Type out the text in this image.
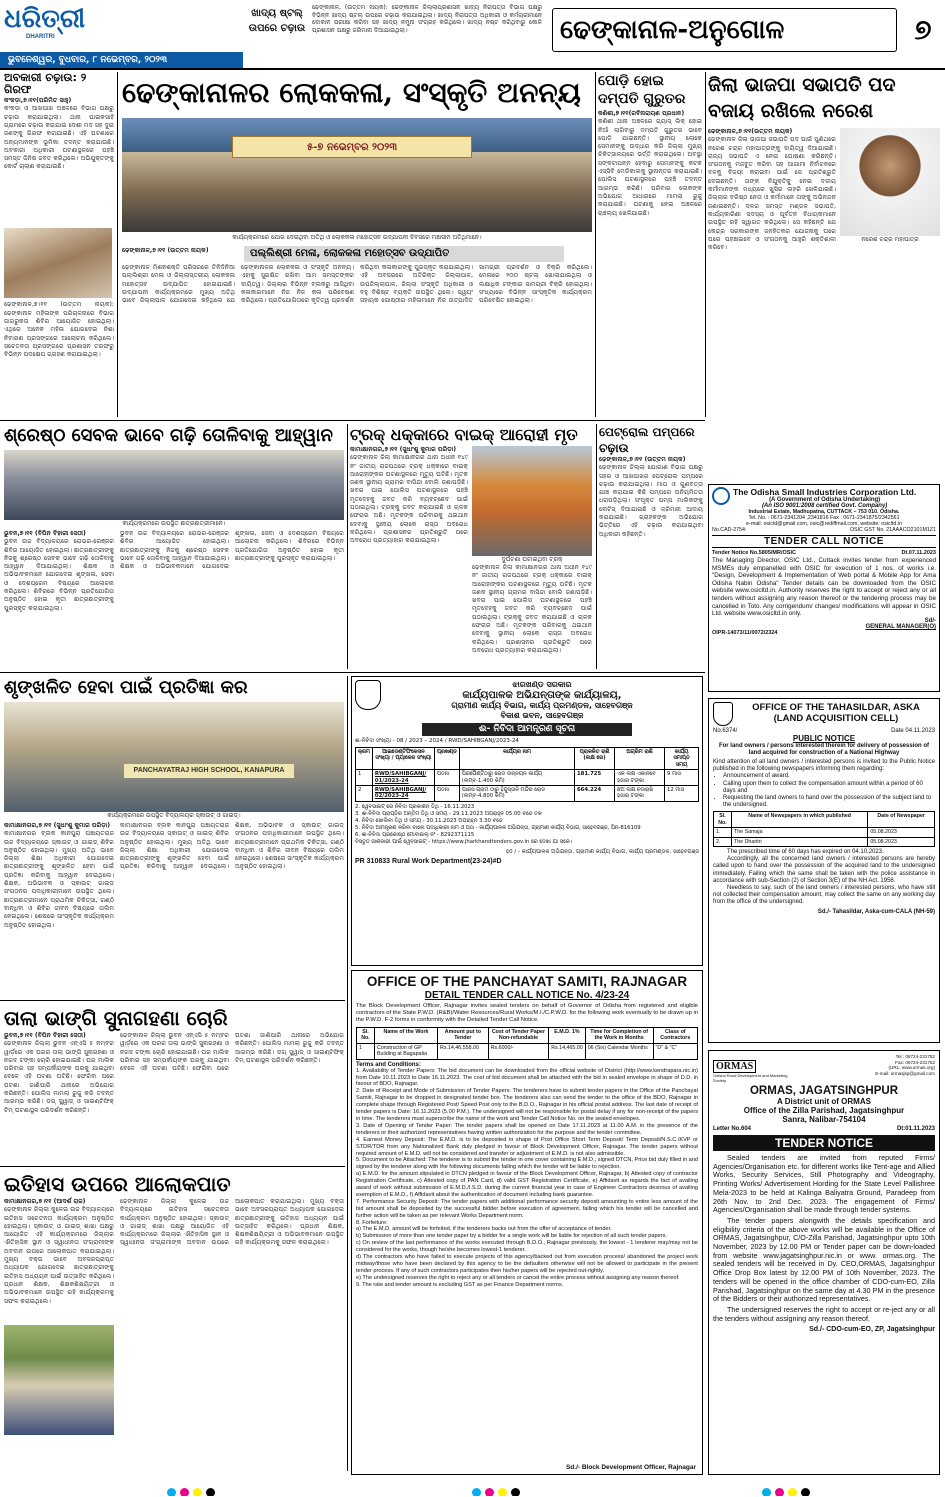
ଧରିତ୍ରୀ
DHARITRI
ଭୁବନେଶ୍ୱର, ବୁଧବାର, ୮ ନଭେମ୍ବର, ୨୦୨୩
ଖାଦ୍ୟ ଷ୍ଟଲ୍ ଉପରେ ଚଢ଼ାଉ
ଢେଙ୍କାନାଳ, (ଉତ୍ତମ ନାୟକ): ଢେଙ୍କାନାଳ ଜିଲ୍ଲାପ୍ରଶାସନ ଖାଦ୍ୟ ନିରାପତ୍ତା ବିଭାଗ ପକ୍ଷରୁ ବିଭିନ୍ନ ଖାଦ୍ୟ ଷ୍ଟଲ୍ ଉପରେ ଚଢ଼ାଉ କରାଯାଇଥିଲା। ଖାଦ୍ୟ ନିରାପତ୍ତା ଅଧିକାରୀ ଓ କର୍ମଚାରୀମାନେ ଦୋକାନ ପରୀକ୍ଷା କରିବା ସହ ଖାଦ୍ୟ ନମୁନା ସଂଗ୍ରହ କରିଥିଲେ। ଖାଦ୍ୟ ନଷ୍ଟ କରିଥିବାରୁ କୋଳି ପ୍ରଶାସନ ପକ୍ଷରୁ ଜରିମାନା ଦିଆଯାଇଥିଲା।	ଢେଙ୍କାନାଳ-ଅନୁଗୋଳ	୭
ଅବକାରୀ ଚଢ଼ାଉ: ୨ ଗିରଫ
କଂକଡ଼ା,୭।୧୧(ପରିମିତ ସାହୁ)
କଂକଡ଼ା ଓ ଆଖପାଖ ଅଞ୍ଚଳରେ ବିଭାଗ ପକ୍ଷରୁ ଚଢ଼ାଉ କରାଯାଇଥିଲା। ଥାନା ପାଇକସାହି ଗ୍ରାମରେ ଚଢ଼ାଉ କରାଯାଇ ଦେଶୀ ମଦ ସହ ଦୁଇ ଜଣଙ୍କୁ ଗିରଫ କରାଯାଇଛି। ଏହି ଘଟଣାରେ ଅନ୍ୟମାନଙ୍କ ଭୂମିକା ତଦନ୍ତ କରାଯାଉଛି। ଅବକାରୀ ଅଧିକାରୀ ଘଟଣାସ୍ଥଳରେ ପହଞ୍ଚି ସମସ୍ତ ଜିନିଷ ଜବତ କରିଥିଲେ। ଅଭିଯୁକ୍ତଙ୍କୁ କୋର୍ଟ ଚାଲାଣ କରାଯାଇଛି।
ଢେଙ୍କାନାଳ,୭।୧୧ (ଉତ୍ତମ ନାୟକ): ଢେଙ୍କାନାଳ ମହିଳାଙ୍କ ପରିଚାଳନାରେ ବିଭାଗ ଜାଗରୁକତା ଶିବିର ଆୟୋଜିତ ହୋଇଥିଲା। ଏଥିରେ ଅନେକ ମହିଳା ଯୋଗଦେଇ ନିଶା ନିବାରଣ ପ୍ରସଙ୍ଗରେ ଆଲୋଚନା କରିଥିଲେ। ସଚେତନତା ପ୍ରସଙ୍ଗରେ ପ୍ରଶାସନ ତରଫରୁ ବିଭିନ୍ନ ପଦକ୍ଷେପ ଗ୍ରହଣ କରାଯାଇଥିଲା।
ଢେଙ୍କାନାଳର ଲୋକକଳା, ସଂସ୍କୃତି ଅନନ୍ୟ
୫-୭ ନଭେମ୍ବର ୨୦୨୩
କାର୍ଯ୍ୟକ୍ରମରେ ଯୋଗ ଦେଇଥିବା ଅତିଥି ଓ ଲୋକକଳା ମହୋତ୍ସବ ଉଦ୍‌ଯାପନୀ ଦିବସରେ ମଞ୍ଚାସୀନ ଅତିଥିମାନେ।
ଢେଙ୍କାନାଳ,୭।୧୧ (ଉତ୍ତମ ନାୟକ)	ପଲ୍ଲିଶ୍ରୀ ମେଳା, ଲୋକକଳା ମହୋତ୍ସବ ଉଦ୍‌ଯାପିତ
ଢେଙ୍କାନାଳ ମିଶନଶକ୍ତି ପରିସରରେ ତିନିଦିନିଆ ପଲ୍ଲିଶ୍ରୀ ମେଳା ଓ ଜିଲ୍ଲାସ୍ତରୀୟ ଲୋକକଳା ମହୋତ୍ସବ ଉଦ୍‌ଯାପିତ ହୋଇଯାଇଛି। ଉଦ୍‌ଯାପନୀ କାର୍ଯ୍ୟକ୍ରମରେ ମୁଖ୍ୟ ଅତିଥି ଭାବେ ଜିଲ୍ଲାପାଳ ଯୋଗଦେଇ କହିଥିଲେ ଯେ ଢେଙ୍କାନାଳର ଲୋକକଳା ଓ ସଂସ୍କୃତି ଅନନ୍ୟ। ଏହାକୁ ସୁରକ୍ଷିତ ରଖିବା ଆମ ସମସ୍ତଙ୍କର ଦାୟିତ୍ୱ। ଜିଲ୍ଲାର ବିଭିନ୍ନ ବ୍ଲକରୁ ଆସିଥିବା କଳାକାରମାନେ ନିଜ ନିଜ କଳା ପରିବେଷଣ କରିଥିଲେ। ପ୍ରତିଯୋଗିତାରେ କୃତିତ୍ୱ ପ୍ରଦର୍ଶନ କରିଥିବା କଳାକାରଙ୍କୁ ପୁରସ୍କୃତ କରାଯାଇଥିଲା। ଏହି ଅବସରରେ ଅତିରିକ୍ତ ଜିଲ୍ଲାପାଳ, ଉପଜିଲ୍ଲାପାଳ, ଜିଲ୍ଲା ସଂସ୍କୃତି ଅଧିକାରୀ ଓ ବହୁ ବିଶିଷ୍ଟ ବ୍ୟକ୍ତି ଉପସ୍ଥିତ ଥିଲେ। ସ୍ୱୟଂ ସହାୟକ ଗୋଷ୍ଠୀର ମହିଳାମାନେ ନିଜ ଉତ୍ପାଦିତ ସାମଗ୍ରୀ ପ୍ରଦର୍ଶନ ଓ ବିକ୍ରି କରିଥିଲେ। ମେଳାରେ ୨୦୦ ଷ୍ଟଲ୍ ଖୋଲାଯାଇଥିଲା ଓ ଲକ୍ଷାଧିକ ଟଙ୍କାର ସାମଗ୍ରୀ ବିକ୍ରି ହୋଇଥିଲା। ସଂଧ୍ୟାରେ ବିଭିନ୍ନ ସାଂସ୍କୃତିକ କାର୍ଯ୍ୟକ୍ରମ ପରିବେଷିତ ହୋଇଥିଲା।
ପୋଡ଼ି ହୋଇ ଦମ୍ପତି ଗୁରୁତର
କଣିଶୀ,୭।୧୧(ରବିନାରାୟଣ ପ୍ରଧାନ)
କଣିଶୀ ଥାନା ଅଞ୍ଚଳରେ ଗ୍ୟାସ୍ ଲିକ୍ ହୋଇ ନିଆଁ ଲାଗିବାରୁ ଦମ୍ପତି ଗୁରୁତର ଭାବେ ପୋଡ଼ି ଯାଇଛନ୍ତି। ସ୍ଥାନୀୟ ଲୋକେ ସେମାନଙ୍କୁ ଉଦ୍ଧାର କରି ଜିଲ୍ଲା ମୁଖ୍ୟ ଚିକିତ୍ସାଳୟରେ ଭର୍ତ୍ତି କରାଇଥିଲେ। ଅବସ୍ଥା ସଙ୍କଟାପନ୍ନ ହେବାରୁ ସେମାନଙ୍କୁ କଟକ ଏସ୍‌ସିବି ମେଡିକାଲକୁ ସ୍ଥାନାନ୍ତର କରାଯାଇଛି। ପୋଲିସ ଘଟଣାସ୍ଥଳରେ ପହଞ୍ଚି ତଦନ୍ତ ଆରମ୍ଭ କରିଛି। ପରିବାର ଲୋକଙ୍କ ଅଭିଯୋଗ ଆଧାରରେ ମାମଲା ରୁଜୁ କରାଯାଇଛି। ଘଟଣାକୁ ନେଇ ଅଞ୍ଚଳରେ ଚାଞ୍ଚଲ୍ୟ ଖେଳିଯାଇଛି।
ଜିଲା ଭାଜପା ସଭାପତି ପଦ ବଜାୟ ରଖିଲେ ନରେଶ
ଢେଙ୍କାନାଳ,୭।୧୧(ଉତ୍ତମ ନାୟକ)
ଢେଙ୍କାନାଳ ଜିଲା ଭାଜପା ସଭାପତି ପଦ ପାଇଁ ପୁଣିଥରେ ନରେଶ ଚନ୍ଦ୍ର ମହାପାତ୍ରଙ୍କୁ ଦାୟିତ୍ୱ ଦିଆଯାଇଛି। ରାଜ୍ୟ ସଭାପତି ଏ ନେଇ ଘୋଷଣା କରିଛନ୍ତି। ସଂଗଠନକୁ ମଜବୁତ କରିବା ସହ ଆଗାମୀ ନିର୍ବାଚନରେ ଦଳକୁ ବିଜୟୀ କରାଇବା ପାଇଁ ସେ ପ୍ରତିଶ୍ରୁତି ଦେଇଛନ୍ତି। ତାଙ୍କ ନିଯୁକ୍ତିକୁ ନେଇ ଦଳୀୟ କର୍ମୀମାନଙ୍କ ମଧ୍ୟରେ ଖୁସିର ଲହରି ଖେଳିଯାଇଛି। ଜିଲ୍ଲାର ବରିଷ୍ଠ ନେତା ଓ କର୍ମୀମାନେ ତାଙ୍କୁ ଅଭିନନ୍ଦନ ଜଣାଇଛନ୍ତି। ଦଳର ସମସ୍ତ ମଣ୍ଡଳ ସଭାପତି, କାର୍ଯ୍ୟକାରିଣୀ ସଦସ୍ୟ ଓ ପୂର୍ବତନ ବିଧାୟକମାନେ ଉପସ୍ଥିତ ରହି ସ୍ୱାଗତ କରିଥିଲେ। ସେ କହିଛନ୍ତି ଯେ କେନ୍ଦ୍ର ସରକାରଙ୍କ ଜନହିତକର ଯୋଜନାକୁ ଘରେ ଘରେ ପହଞ୍ଚାଇବେ ଓ ସଂଗଠନକୁ ଆହୁରି ଶକ୍ତିଶାଳୀ କରିବେ।
ନରେଶ ଚନ୍ଦ୍ର ମହାପାତ୍ର
ଶ୍ରେଷ୍ଠ ସେବକ ଭାବେ ଗଢ଼ି ତୋଳିବାକୁ ଆହ୍ୱାନ
କାର୍ଯ୍ୟକ୍ରମରେ ଉପସ୍ଥିତ ଛାତ୍ରଛାତ୍ରୀମାନେ।
ଭୁବନ,୭।୧୧ (ବିପିନ ବିହାରୀ ସେଠୀ)
ଭୁବନ ଉଚ୍ଚ ବିଦ୍ୟାଳୟରେ ରୋଭର-ରେଞ୍ଜର ଶିବିର ଆୟୋଜିତ ହୋଇଥିଲା। ଛାତ୍ରଛାତ୍ରୀଙ୍କୁ ନିଜକୁ ଶ୍ରେଷ୍ଠ ସେବକ ଭାବେ ଗଢ଼ି ତୋଳିବାକୁ ଆହ୍ୱାନ ଦିଆଯାଇଥିଲା। ଶିକ୍ଷକ ଓ ଅଭିଭାବକମାନେ ଯୋଗଦେଇ ଶୃଙ୍ଖଳା, ସେବା ଓ ଦେଶପ୍ରେମ ବିଷୟରେ ଆଲୋଚନା କରିଥିଲେ। ଶିବିରରେ ବିଭିନ୍ନ ପ୍ରତିଯୋଗିତା ଅନୁଷ୍ଠିତ ହୋଇ କୃତୀ ଛାତ୍ରଛାତ୍ରୀଙ୍କୁ ପୁରସ୍କୃତ କରାଯାଇଥିଲା।
ଭୁବନ ଉଚ୍ଚ ବିଦ୍ୟାଳୟରେ ରୋଭର-ରେଞ୍ଜର ଶିବିର ଆୟୋଜିତ ହୋଇଥିଲା। ଛାତ୍ରଛାତ୍ରୀଙ୍କୁ ନିଜକୁ ଶ୍ରେଷ୍ଠ ସେବକ ଭାବେ ଗଢ଼ି ତୋଳିବାକୁ ଆହ୍ୱାନ ଦିଆଯାଇଥିଲା। ଶିକ୍ଷକ ଓ ଅଭିଭାବକମାନେ ଯୋଗଦେଇ ଶୃଙ୍ଖଳା, ସେବା ଓ ଦେଶପ୍ରେମ ବିଷୟରେ ଆଲୋଚନା କରିଥିଲେ। ଶିବିରରେ ବିଭିନ୍ନ ପ୍ରତିଯୋଗିତା ଅନୁଷ୍ଠିତ ହୋଇ କୃତୀ ଛାତ୍ରଛାତ୍ରୀଙ୍କୁ ପୁରସ୍କୃତ କରାଯାଇଥିଲା।
ଟ୍ରକ୍ ଧକ୍କାରେ ବାଇକ୍ ଆରୋହୀ ମୃତ
କାମାକ୍ଷାନଗର,୭।୧୧ (ସୁଧାଂଶୁ କୁମାର ପରିଡ଼ା)
ଢେଙ୍କାନାଳ ଜିଲା କାମାକ୍ଷାନଗର ଥାନା ଅଧୀନ ୧୪୯ ନଂ ଜାତୀୟ ରାଜପଥରେ ଟ୍ରକ୍ ଧକ୍କାରେ ବାଇକ୍ ଆରୋହୀଙ୍କର ଘଟଣାସ୍ଥଳରେ ମୃତ୍ୟୁ ଘଟିଛି। ମୃତକ ଜଣକ ସ୍ଥାନୀୟ ଗ୍ରାମର ବାସିନ୍ଦା ବୋଲି ଜଣାପଡ଼ିଛି। ଖବର ପାଇ ପୋଲିସ ଘଟଣାସ୍ଥଳରେ ପହଞ୍ଚି ମୃତଦେହକୁ ଜବତ କରି ବ୍ୟବଚ୍ଛେଦ ପାଇଁ ପଠାଇଥିଲା। ଟ୍ରକ୍‌କୁ ଜବତ କରାଯାଇଛି ଓ ଚାଳକ ଫେରାର ଅଛି। ମୃତକଙ୍କ ପରିବାରକୁ ଥଇଥାନ ଦେବାକୁ ସ୍ଥାନୀୟ ଲୋକେ ରାସ୍ତା ଅବରୋଧ କରିଥିଲେ। ପ୍ରଶାସନର ପ୍ରତିଶ୍ରୁତି ପରେ ଅବରୋଧ ପ୍ରତ୍ୟାହାର କରାଯାଇଥିଲା।
ଦୁର୍ଘଟଣା ଘଟାଇଥିବା ଟ୍ରକ୍
ଢେଙ୍କାନାଳ ଜିଲା କାମାକ୍ଷାନଗର ଥାନା ଅଧୀନ ୧୪୯ ନଂ ଜାତୀୟ ରାଜପଥରେ ଟ୍ରକ୍ ଧକ୍କାରେ ବାଇକ୍ ଆରୋହୀଙ୍କର ଘଟଣାସ୍ଥଳରେ ମୃତ୍ୟୁ ଘଟିଛି। ମୃତକ ଜଣକ ସ୍ଥାନୀୟ ଗ୍ରାମର ବାସିନ୍ଦା ବୋଲି ଜଣାପଡ଼ିଛି। ଖବର ପାଇ ପୋଲିସ ଘଟଣାସ୍ଥଳରେ ପହଞ୍ଚି ମୃତଦେହକୁ ଜବତ କରି ବ୍ୟବଚ୍ଛେଦ ପାଇଁ ପଠାଇଥିଲା। ଟ୍ରକ୍‌କୁ ଜବତ କରାଯାଇଛି ଓ ଚାଳକ ଫେରାର ଅଛି। ମୃତକଙ୍କ ପରିବାରକୁ ଥଇଥାନ ଦେବାକୁ ସ୍ଥାନୀୟ ଲୋକେ ରାସ୍ତା ଅବରୋଧ କରିଥିଲେ। ପ୍ରଶାସନର ପ୍ରତିଶ୍ରୁତି ପରେ ଅବରୋଧ ପ୍ରତ୍ୟାହାର କରାଯାଇଥିଲା।
ପେଟ୍ରୋଲ ପମ୍ପରେ ଚଢ଼ାଉ
ଢେଙ୍କାନାଳ,୭।୧୧ (ଉତ୍ତମ ନାୟକ)
ଢେଙ୍କାନାଳ ଜିଲ୍ଲା ଯୋଗାଣ ବିଭାଗ ପକ୍ଷରୁ ସହର ଓ ଆଖପାଖର ପେଟ୍ରୋଲ ପମ୍ପରେ ଚଢ଼ାଉ କରାଯାଇଥିଲା। ମାପ ଓ ଗୁଣବତ୍ତା ଯାଞ୍ଚ କରାଯାଇ କିଛି ପମ୍ପରେ ଅନିୟମିତତା ଧରାପଡ଼ିଥିଲା। ସଂପୃକ୍ତ ପମ୍ପ ମାଲିକଙ୍କୁ ନୋଟିସ୍ ଦିଆଯାଇଛି ଓ ଜରିମାନା ଆଦାୟ କରାଯାଇଛି। ଗ୍ରାହକଙ୍କ ଅଭିଯୋଗ ଭିତ୍ତିରେ ଏହି ଚଢ଼ାଉ କରାଯାଇଥିବା ଅଧିକାରୀ କହିଛନ୍ତି।
The Odisha Small Industries Corporation Ltd.
(A Government of Odisha Undertaking)
(An ISO 9001:2008 certified Govt. Company)
Industrial Estate, Madhupatna, CUTTACK – 753 010. Odisha.
Tel. No. : 0671-2341204 ,2341816 Fax : 0671-2341875/2342561
e-mail: osictd@gmail.com, osic@rediffmail.com, website: osicltd.in
No.CAD-2754:	OSIC GST No. 21AAACO2101M1Z1
TENDER CALL NOTICE
Tender Notice No.5805/MR/OSIC	Dt.07.11.2023
The Managing Director, OSIC Ltd., Cuttack invites tender from experienced MSMEs duly empanelled with OSIC for execution of 1 nos. of works i.e. "Design, Development & Implementation of Web portal & Mobile App for Ama Odisha Nabin Odisha" Tender details can be downloaded from the OSIC website www.osicltd.in. Authority reserves the right to accept or reject any or all tenders without assigning any reason thereof or the tendering process may be cancelled in Toto. Any corrigendum/ changes/ modifications will appear in OSIC Ltd. website www.osicltd.in only.
Sd/-
GENERAL MANAGER(O)
OIPR-14073/11/0072/2324
ଶୃଙ୍ଖଳିତ ହେବା ପାଇଁ ପ୍ରତିଜ୍ଞା କର
PANCHAYATRAJ HIGH SCHOOL, KANAPURA
କାର୍ଯ୍ୟକ୍ରମରେ ଉପସ୍ଥିତ ବିଦ୍ୟାଳୟର ସ୍କାଉଟ୍ ଓ ଗାଇଡ୍।
କାମାକ୍ଷାନଗର,୭।୧୧ (ସୁଧାଂଶୁ କୁମାର ପରିଡ଼ା)
କାମାକ୍ଷାନଗର ବ୍ଲକ କାନପୁରା ପଞ୍ଚାୟତରାଜ ଉଚ୍ଚ ବିଦ୍ୟାଳୟରେ ସ୍କାଉଟ୍ ଓ ଗାଇଡ୍ ଶିବିର ଅନୁଷ୍ଠିତ ହୋଇଥିଲା। ମୁଖ୍ୟ ଅତିଥି ଭାବେ ଜିଲ୍ଲା ଶିକ୍ଷା ଅଧିକାରୀ ଯୋଗଦେଇ ଛାତ୍ରଛାତ୍ରୀଙ୍କୁ ଶୃଙ୍ଖଳିତ ହେବା ପାଇଁ ପ୍ରତିଜ୍ଞା କରିବାକୁ ଆହ୍ୱାନ ଦେଇଥିଲେ। ଶିକ୍ଷକ, ଅଭିଭାବକ ଓ ସ୍କାଉଟ୍ ଗାଇଡ୍ ସଂଗଠନର ପଦାଧିକାରୀମାନେ ଉପସ୍ଥିତ ଥିଲେ। ଛାତ୍ରଛାତ୍ରୀମାନେ ପ୍ରାଥମିକ ଚିକିତ୍ସା, ଗଣ୍ଠି ବାନ୍ଧିବା ଓ ଶିବିର ଜୀବନ ବିଷୟରେ ତାଲିମ ନେଇଥିଲେ। ଶେଷରେ ସାଂସ୍କୃତିକ କାର୍ଯ୍ୟକ୍ରମ ଅନୁଷ୍ଠିତ ହୋଇଥିଲା।
କାମାକ୍ଷାନଗର ବ୍ଲକ କାନପୁରା ପଞ୍ଚାୟତରାଜ ଉଚ୍ଚ ବିଦ୍ୟାଳୟରେ ସ୍କାଉଟ୍ ଓ ଗାଇଡ୍ ଶିବିର ଅନୁଷ୍ଠିତ ହୋଇଥିଲା। ମୁଖ୍ୟ ଅତିଥି ଭାବେ ଜିଲ୍ଲା ଶିକ୍ଷା ଅଧିକାରୀ ଯୋଗଦେଇ ଛାତ୍ରଛାତ୍ରୀଙ୍କୁ ଶୃଙ୍ଖଳିତ ହେବା ପାଇଁ ପ୍ରତିଜ୍ଞା କରିବାକୁ ଆହ୍ୱାନ ଦେଇଥିଲେ। ଶିକ୍ଷକ, ଅଭିଭାବକ ଓ ସ୍କାଉଟ୍ ଗାଇଡ୍ ସଂଗଠନର ପଦାଧିକାରୀମାନେ ଉପସ୍ଥିତ ଥିଲେ। ଛାତ୍ରଛାତ୍ରୀମାନେ ପ୍ରାଥମିକ ଚିକିତ୍ସା, ଗଣ୍ଠି ବାନ୍ଧିବା ଓ ଶିବିର ଜୀବନ ବିଷୟରେ ତାଲିମ ନେଇଥିଲେ। ଶେଷରେ ସାଂସ୍କୃତିକ କାର୍ଯ୍ୟକ୍ରମ ଅନୁଷ୍ଠିତ ହୋଇଥିଲା।
ତାଲା ଭାଙ୍ଗି ସୁନାଗହଣା ଚୋରି
ଭୁବନ,୭।୧୧ (ବିପିନ ବିହାରୀ ସେଠୀ)
ଢେଙ୍କାନାଳ ଜିଲ୍ଲା ଭୁବନ ଏନ୍‌ଏସି ୫ ନମ୍ବର ୱାର୍ଡ଼ରେ ଏକ ଘରର ତାଲା ଭାଙ୍ଗି ସୁନାଗହଣା ଓ ନଗଦ ଟଙ୍କା ଚୋରି ହୋଇଯାଇଛି। ଘର ମାଲିକ ପରିବାର ସହ ସମ୍ପର୍କୀୟଙ୍କ ଘରକୁ ଯାଇଥିବା ବେଳେ ଏହି ଘଟଣା ଘଟିଛି। ଫେରିବା ପରେ ଘଟଣା ଜାଣିପାରି ଥାନାରେ ଅଭିଯୋଗ କରିଛନ୍ତି। ପୋଲିସ ମାମଲା ରୁଜୁ କରି ତଦନ୍ତ ଆରମ୍ଭ କରିଛି। ଡଗ୍ ସ୍କ୍ୱାଡ୍ ଓ ସାଇଣ୍ଟିଫିକ୍ ଟିମ୍ ଘଟଣାସ୍ଥଳ ପରିଦର୍ଶନ କରିଛନ୍ତି।
ଢେଙ୍କାନାଳ ଜିଲ୍ଲା ଭୁବନ ଏନ୍‌ଏସି ୫ ନମ୍ବର ୱାର୍ଡ଼ରେ ଏକ ଘରର ତାଲା ଭାଙ୍ଗି ସୁନାଗହଣା ଓ ନଗଦ ଟଙ୍କା ଚୋରି ହୋଇଯାଇଛି। ଘର ମାଲିକ ପରିବାର ସହ ସମ୍ପର୍କୀୟଙ୍କ ଘରକୁ ଯାଇଥିବା ବେଳେ ଏହି ଘଟଣା ଘଟିଛି। ଫେରିବା ପରେ ଘଟଣା ଜାଣିପାରି ଥାନାରେ ଅଭିଯୋଗ କରିଛନ୍ତି। ପୋଲିସ ମାମଲା ରୁଜୁ କରି ତଦନ୍ତ ଆରମ୍ଭ କରିଛି। ଡଗ୍ ସ୍କ୍ୱାଡ୍ ଓ ସାଇଣ୍ଟିଫିକ୍ ଟିମ୍ ଘଟଣାସ୍ଥଳ ପରିଦର୍ଶନ କରିଛନ୍ତି।
ଇତିହାସ ଉପରେ ଆଲୋକପାତ
କାମାକ୍ଷାନଗର,୭।୧୧ (ଆଦର୍ଶ ରାଜ)
ଢେଙ୍କାନାଳ ଜିଲ୍ଲା କୁଳେଇ ଉଚ୍ଚ ବିଦ୍ୟାଳୟରେ ଇତିହାସ ସଚେତନତା କାର୍ଯ୍ୟକ୍ରମ ଅନୁଷ୍ଠିତ ହୋଇଥିଲା। ସ୍କାଉଟ୍ ଓ ଗାଇଡ୍ ଶାଖା ପକ୍ଷରୁ ଆୟୋଜିତ ଏହି କାର୍ଯ୍ୟକ୍ରମରେ ଜିଲ୍ଲାର ଐତିହାସିକ ସ୍ଥାନ ଓ ସ୍ୱାଧୀନତା ସଂଗ୍ରାମୀଙ୍କ ଅବଦାନ ଉପରେ ଆଲୋକପାତ କରାଯାଇଥିଲା। ମୁଖ୍ୟ ବକ୍ତା ଭାବେ ଅବସରପ୍ରାପ୍ତ ଅଧ୍ୟାପକ ଯୋଗଦେଇ ଛାତ୍ରଛାତ୍ରୀଙ୍କୁ ଇତିହାସ ଅଧ୍ୟୟନ ପାଇଁ ଉତ୍ସାହିତ କରିଥିଲେ। ପ୍ରଧାନ ଶିକ୍ଷକ, ଶିକ୍ଷକଶିକ୍ଷୟିତ୍ରୀ ଓ ଅଭିଭାବକମାନେ ଉପସ୍ଥିତ ରହି କାର୍ଯ୍ୟକ୍ରମକୁ ସଫଳ କରାଇଥିଲେ।
ଢେଙ୍କାନାଳ ଜିଲ୍ଲା କୁଳେଇ ଉଚ୍ଚ ବିଦ୍ୟାଳୟରେ ଇତିହାସ ସଚେତନତା କାର୍ଯ୍ୟକ୍ରମ ଅନୁଷ୍ଠିତ ହୋଇଥିଲା। ସ୍କାଉଟ୍ ଓ ଗାଇଡ୍ ଶାଖା ପକ୍ଷରୁ ଆୟୋଜିତ ଏହି କାର୍ଯ୍ୟକ୍ରମରେ ଜିଲ୍ଲାର ଐତିହାସିକ ସ୍ଥାନ ଓ ସ୍ୱାଧୀନତା ସଂଗ୍ରାମୀଙ୍କ ଅବଦାନ ଉପରେ ଆଲୋକପାତ କରାଯାଇଥିଲା। ମୁଖ୍ୟ ବକ୍ତା ଭାବେ ଅବସରପ୍ରାପ୍ତ ଅଧ୍ୟାପକ ଯୋଗଦେଇ ଛାତ୍ରଛାତ୍ରୀଙ୍କୁ ଇତିହାସ ଅଧ୍ୟୟନ ପାଇଁ ଉତ୍ସାହିତ କରିଥିଲେ। ପ୍ରଧାନ ଶିକ୍ଷକ, ଶିକ୍ଷକଶିକ୍ଷୟିତ୍ରୀ ଓ ଅଭିଭାବକମାନେ ଉପସ୍ଥିତ ରହି କାର୍ଯ୍ୟକ୍ରମକୁ ସଫଳ କରାଇଥିଲେ।
ଝାରଖଣ୍ଡ ସରକାର
କାର୍ଯ୍ୟପାଳକ ଅଭିଯନ୍ତାଙ୍କ କାର୍ଯ୍ୟାଳୟ,
ଗ୍ରାମୀଣ କାର୍ଯ୍ୟ ବିଭାଗ, କାର୍ଯ୍ୟ ପ୍ରମଣ୍ଡଳ, ସାହେବଗଞ୍ଜ
ବିକାଶ ଭବନ, ସାହେବଗଞ୍ଜ
ଈ- ନିବିଦା ଆମନ୍ତ୍ରଣ ସୂଚନା
ଈ-ନିବିଦା ସଂଖ୍ୟା - 08 / 2023 – 2024 / RWD/SAHIBGANJ/2023-24
କ୍ରମ	ଆଇଡେଣ୍ଟିଫିକେସନ ସଂଖ୍ୟା / ପ୍ୟାକେଜ ସଂଖ୍ୟା	ପ୍ରଖଣ୍ଡ	କାର୍ଯ୍ୟର ନାମ	ପ୍ରାକଳିତ ରାଶି (ଲକ୍ଷ ରେ)	ଅଗ୍ରିମ ରାଶି	କାର୍ଯ୍ୟ ସମାପ୍ତ ସମୟ
1	RWD/SAHIBGANJ/ 01/2023-24	ପତନା	ପିରପୈଣ୍ଟିଠାରୁ ରୋଡ ଉନ୍ନୟନ କାର୍ଯ୍ୟ (ଲମ୍ବ-1.400 କିମି)	181.725	ଏକ ଲକ୍ଷ ଏକାନବେ ହଜାର ଟଙ୍କା	9 ମାସ
2	RWD/SAHIBGANJ/ 02/2023-24	ପତନା	ପାରସ ଗ୍ରାମ ଠାରୁ ହିନ୍ଦୁସ୍ତାନି ମନ୍ଦିର ରୋଡ (ଲମ୍ବ-4.800 କିମି)	664.224	ଛଅ ଲକ୍ଷ ଚଉରାଖି ହଜାର ଟଙ୍କା	12 ମାସ
2. ୱେବସାଇଟ୍ ରେ ନିବିଦା ପ୍ରକାଶନ ତିଥି - 16.11.2023
3. ଈ-ନିବିଦା ପ୍ରାପ୍ତିର ଅନ୍ତିମ ତିଥି ଓ ସମୟ - 29.11.2023 ଅପରାହ୍ନ 05.00 ବଜେ ତକ
4. ନିବିଦା ଖୋଲିବା ତିଥି ଓ ସମୟ - 30.11.2023 ଅପରାହ୍ନ 3.30 ବଜେ
5. ନିବିଦା ଆମନ୍ତ୍ରଣ କରିବା ବାଲେ ପଦାଧିକାରୀ ନାମ ଓ ପତା - କାର୍ଯ୍ୟପାଳକ ଅଭିଯନ୍ତା, ଗ୍ରାମୀଣ କାର୍ଯ୍ୟ ବିଭାଗ, ସାହେବଗଞ୍ଜ, ପିନ-816109
6. ଈ-ନିବିଦା ପ୍ରକୋଷ୍ଠ ମୋବାଇଲ୍ ନଂ - 8292371115
ବିସ୍ତୃତ ଜାଣକାରୀ ପାଇଁ ୱେବସାଇଟ୍ - https://www.jharkhandtenders.gov.in ରେ ଦେଖା ଯା ସକେ।
ହ0 / - କାର୍ଯ୍ୟପାଳକ ଅଭିଯନ୍ତା, ଗ୍ରାମୀଣ କାର୍ଯ୍ୟ ବିଭାଗ, କାର୍ଯ୍ୟ ପ୍ରମଣ୍ଡଳ, ସାହେବଗଞ୍ଜ
PR 310833 Rural Work Department(23-24)#D
OFFICE OF THE PANCHAYAT SAMITI, RAJNAGAR
DETAIL TENDER CALL NOTICE No. 4/23-24
The Block Development Officer, Rajnagar invites sealed tenders on behalf of Governor of Odisha from registered and eligible contractors of the State P.W.D. (R&B)/Water Resources/Rural Works/M.I./C.P.W.D. for the following work eventually to be drawn up in the P.W.D. F-2 forms in conformity with the Detailed Tender Call Notice.
Sl. No.	Name of the Work	Amount put to Tender	Cost of Tender Paper Non-refundable	E.M.D. 1%	Time for Completion of the Work in Months	Class of Contractors
1	Construction of GP Building at Bagapatia	Rs.14,46,558.00	Rs.6000/-	Rs.14,465.00	06 (Six) Calendar Months	"D" & "C"
Terms and Conditions:
1. Availability of Tender Papers: The bid document can be downloaded from the official website of District (http://www.kendrapara.nic.in) from Date 10.11.2023 to Date 16.11.2023. The cost of bid document shall be attached with the bid in sealed envelope in shape of D.D. in favour of BDO, Rajnagar.
2. Date of Receipt and Mode of Submission of Tender Papers: The tenderers have to submit tender papers in the Office of the Panchayat Samiti, Rajnagar to be dropped in designated tender box. The tenderers also can send the tender to the office of the BDO, Rajnagar in complete shape through Registered Post/ Speed Post only to the B.D.O., Rajnagar in his official postal address. The last date of receipt of tender papers is Date: 16.11.2023 (5.00 P.M.). The undersigned will not be responsible for postal delay if any for non-receipt of the papers in time. The tenderers must superscribe the name of the work and Tender Call Notice No. on the sealed envelopes.
3. Date of Opening of Tender Paper: The tender papers shall be opened on Date 17.11.2023 at 11.00 A.M. in the presence of the tenderers or their authorized representatives having written authorization for the purpose and the tender committee.
4. Earnest Money Deposit: The E.M.D. is to be deposited in shape of Post Office Short Term Deposit/ Term Deposit/N.S.C./KVP or STDR/TDR from any Nationalized Bank duly pledged in favour of Block Development Officer, Rajnagar. The tender papers without required amount of E.M.D. will not be considered and transfer or adjustment of E.M.D. is not also admissible.
5. Document to be Attached: The tenderer is to submit the tender in one cover containing E.M.D., signed DTCN, Price bid duly filled in and signed by the tenderer along with the following documents failing which the tender will be liable to rejection.
a) E.M.D. for the amount stipulated in DTCN pledged in favour of the Block Development Officer, Rajnagar, b) Attested copy of contractor Registration Certificate, c) Attested copy of PAN Card, d) valid GST Registration Certificate, e) Affidavit as regards the fact of availing award of work without submission of E.M.D./I.S.D. during the current financial year in case of Engineer Contractors desirous of availing exemption of E.M.D., f) Affidavit about the authentication of document including bank guarantee.
7. Performance Security Deposit: The tender papers with additional performance security deposit amounting to entire less amount of the bid amount shall be deposited by the successful bidder before execution of agreement, failing which his tender will be cancelled and further action will be taken as per relevant Works Department norm.
8. Forfeiture:
a) The E.M.D. amount will be forfeited, if the tenderers backs out from the offer of acceptance of tender.
b) Submission of more than one tender paper by a bidder for a single work will be liable for rejection of all such tender papers.
c) On review of the last performance of the works executed through B.D.O., Rajnagar previously, the lowest - 1 tenderer may/may not be considered for the works, though he/she becomes lowest-1 tenderer.
d) The contractors who have failed to execute projects of this agency/backed out from execution process/ abandoned the project work midway/those who have been declared by this agency to be the defaulters otherwise will not be allowed to participate in the present tender process. If any of such contractors participates then his/her papers will be rejected out-rightly.
e) The undersigned reserves the right to reject any or all tenders or cancel the entire process without assigning any reason thereof.
9. The rate and tender amount is excluding GST as per Finance Department norms.
Sd./- Block Development Officer, Rajnagar
OFFICE OF THE TAHASILDAR, ASKA
(LAND ACQUISITION CELL)
No.6374/	Date 04.11.2023
PUBLIC NOTICE
For land owners / persons interested therein for delivery of possession of land acquired for construction of a National Highway
Kind attention of all land owners / interested persons is invited to the Public Notice published in the following newspapers informing them regarding:
• Announcement of award.
• Calling upon them to collect the compensation amount within a period of 60 days and
• Requesting the land owners to hand over the possession of the subject land to the undersigned.
Sl. No.	Name of Newspapers in which published	Date of Newspaper
1.	The Samaja	05.08.2023
2.	The Dharitri	05.08.2023
The prescribed time of 60 days has expired on 04.10.2023.
Accordingly, all the concerned land owners / interested persons are hereby called upon to hand over the possession of the acquired land to the undersigned immediately. Failing which the same shall be taken with the police assistance in accordance with sub-Section (2) of Section 3(E) of the NH Act. 1956.
Needless to say, such of the land owners / interested persons, who have still not collected their compensation amount, may collect the same on any working day from the office of the undersigned.
Sd./- Tahasildar, Aska-cum-CALA (NH-59)
ORMAS
Odisha Rural Development and Marketing Society
Tel.: 06724-231752
Fax: 06724-231752
(URL: www.ormas.org)
E-mail: ormasjsp@gmail.com
ORMAS, JAGATSINGHPUR
A District unit of ORMAS
Office of the Zilla Parishad, Jagatsinghpur
Sanra, Nalibar-754104
Letter No.604	Dt:01.11.2023
TENDER NOTICE
Sealed tenders are invited from reputed Firms/ Agencies/Organisation etc. for different works like Tent-age and Allied Works, Security Services, Still Photography and Videography, Printing Works/ Advertisement Hording for the State Level Pallishree Mela-2023 to be held at Kalinga Baliyatra Ground, Paradeep from 26th Nov. to 2nd Dec. 2023. The engagement of Firms/ Agencies/Organisation shall be made through tender systems.
The tender papers alongwith the details specification and eligibility criteria of the above works will be available in the Office of ORMAS, Jagatsinghpur, C/O-Zilla Parishad, Jagatsinghpur upto 10th November, 2023 by 12.00 PM or Tender paper can be down-loaded from website www.jagatsinghpur.nic.in or www. ormas.org. The sealed tenders will be received in Dy. CEO,ORMAS, Jagatsinghpur Office Drop Box latest by 12.00 PM of 10th November, 2023. The tenders will be opened in the office chamber of CDO-cum-EO, Zilla Parishad, Jagatsinghpur on the same day at 4.30 PM in the presence of the Bidders or their authorized representatives.
The undersigned reserves the right to accept or re-ject any or all the tenders without assigning any reason thereof.
Sd./- CDO-cum-EO, ZP, Jagatsinghpur
